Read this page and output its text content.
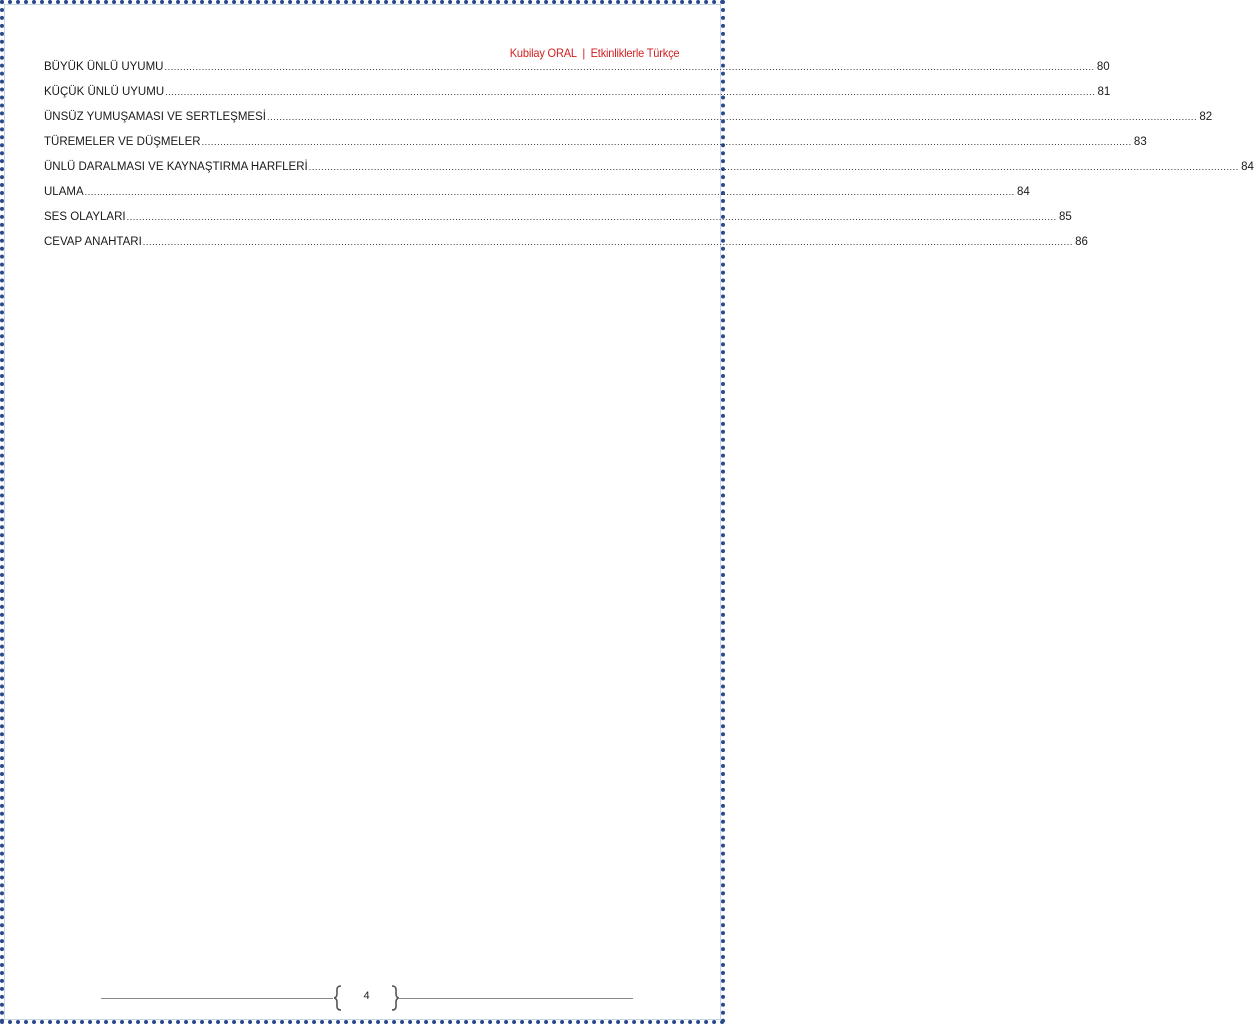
Kubilay ORAL | Etkinliklerle Türkçe
BÜYÜK ÜNLÜ UYUMU ............................................................................................................................................................................................................................................................................................................ 80
KÜÇÜK ÜNLÜ UYUMU ............................................................................................................................................................................................................................................................................................................ 81
ÜNSÜZ YUMUŞAMASI VE SERTLEŞMESİ ............................................................................................................................................................................................................................................................................................................ 82
TÜREMELER VE DÜŞMELER ............................................................................................................................................................................................................................................................................................................ 83
ÜNLÜ DARALMASI VE KAYNAŞTIRMA HARFLERİ ............................................................................................................................................................................................................................................................................................................ 84
ULAMA ............................................................................................................................................................................................................................................................................................................ 84
SES OLAYLARI ............................................................................................................................................................................................................................................................................................................ 85
CEVAP ANAHTARI ............................................................................................................................................................................................................................................................................................................ 86
4
